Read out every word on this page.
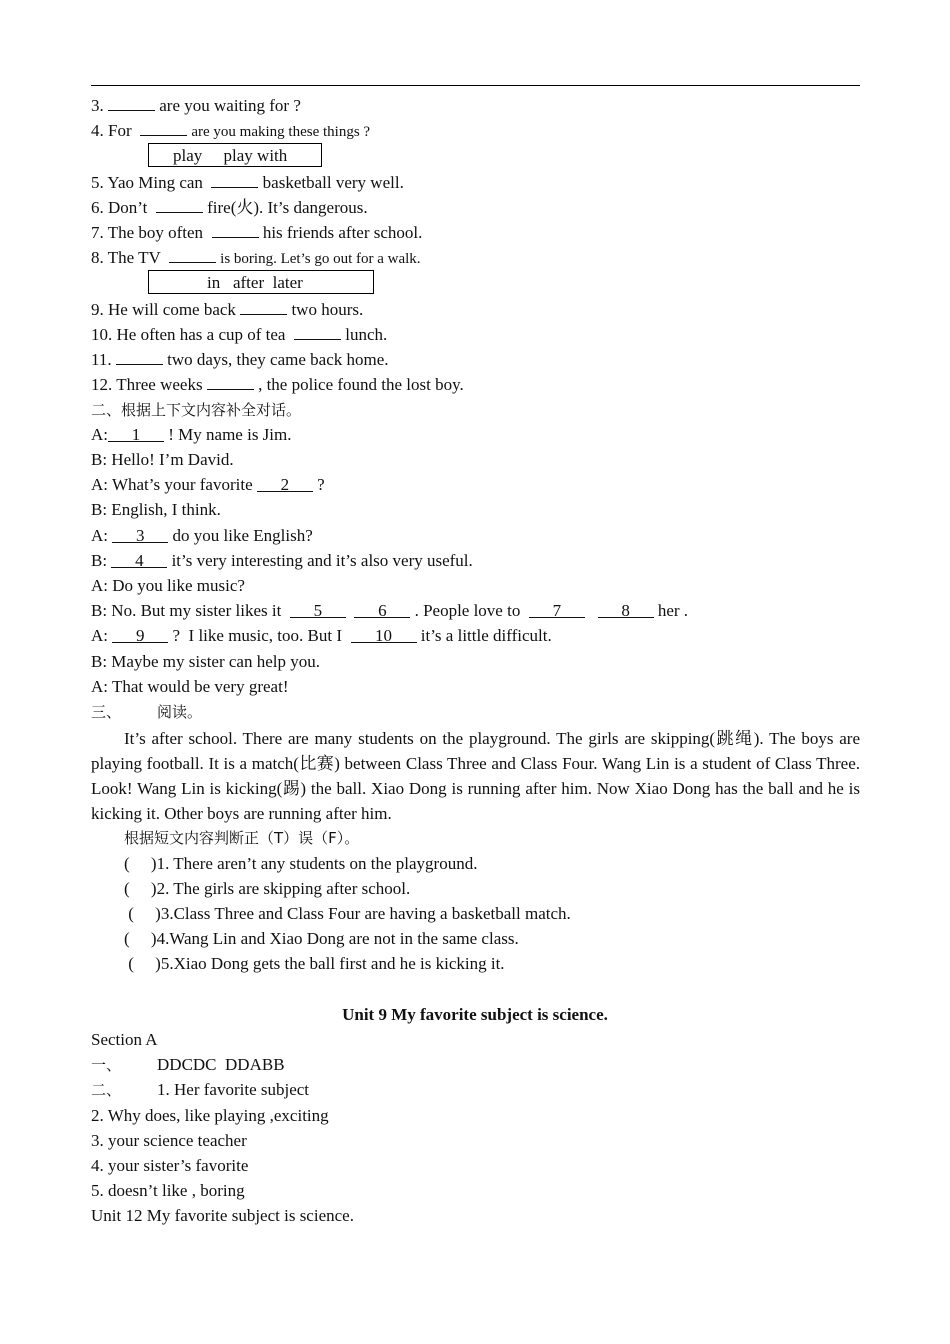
3.	are you waiting for ?
4. For	are you making these things ?
play     play with
5. Yao Ming can	basketball very well.
6. Don’t	fire(火). It’s dangerous.
7. The boy often	his friends after school.
8. The TV	is boring. Let’s go out for a walk.
in   after  later
9. He will come back	two hours.
10. He often has a cup of tea	lunch.
11.	two days, they came back home.
12. Three weeks	, the police found the lost boy.
二、根据上下文内容补全对话。
A: 1 ! My name is Jim.
B: Hello! I’m David.
A: What’s your favorite 2 ?
B: English, I think.
A: 3 do you like English?
B: 4 it’s very interesting and it’s also very useful.
A: Do you like music?
B: No. But my sister likes it 5	6 . People love to 7	8 her .
A: 9 ?  I like music, too. But I 10 it’s a little difficult.
B: Maybe my sister can help you.
A: That would be very great!
三、 阅读。
It’s after school. There are many students on the playground. The girls are skipping(跳绳). The boys are playing football. It is a match(比赛) between Class Three and Class Four. Wang Lin is a student of Class Three. Look! Wang Lin is kicking(踢) the ball. Xiao Dong is running after him. Now Xiao Dong has the ball and he is kicking it. Other boys are running after him.
根据短文内容判断正（T）误（F）。
(     )1. There aren’t any students on the playground.
(     )2. The girls are skipping after school.
(     )3.Class Three and Class Four are having a basketball match.
(     )4.Wang Lin and Xiao Dong are not in the same class.
(     )5.Xiao Dong gets the ball first and he is kicking it.
Unit 9 My favorite subject is science.
Section A
一、 DDCDC  DDABB
二、 1. Her favorite subject
2. Why does, like playing ,exciting
3. your science teacher
4. your sister’s favorite
5. doesn’t like , boring
Unit 12 My favorite subject is science.
